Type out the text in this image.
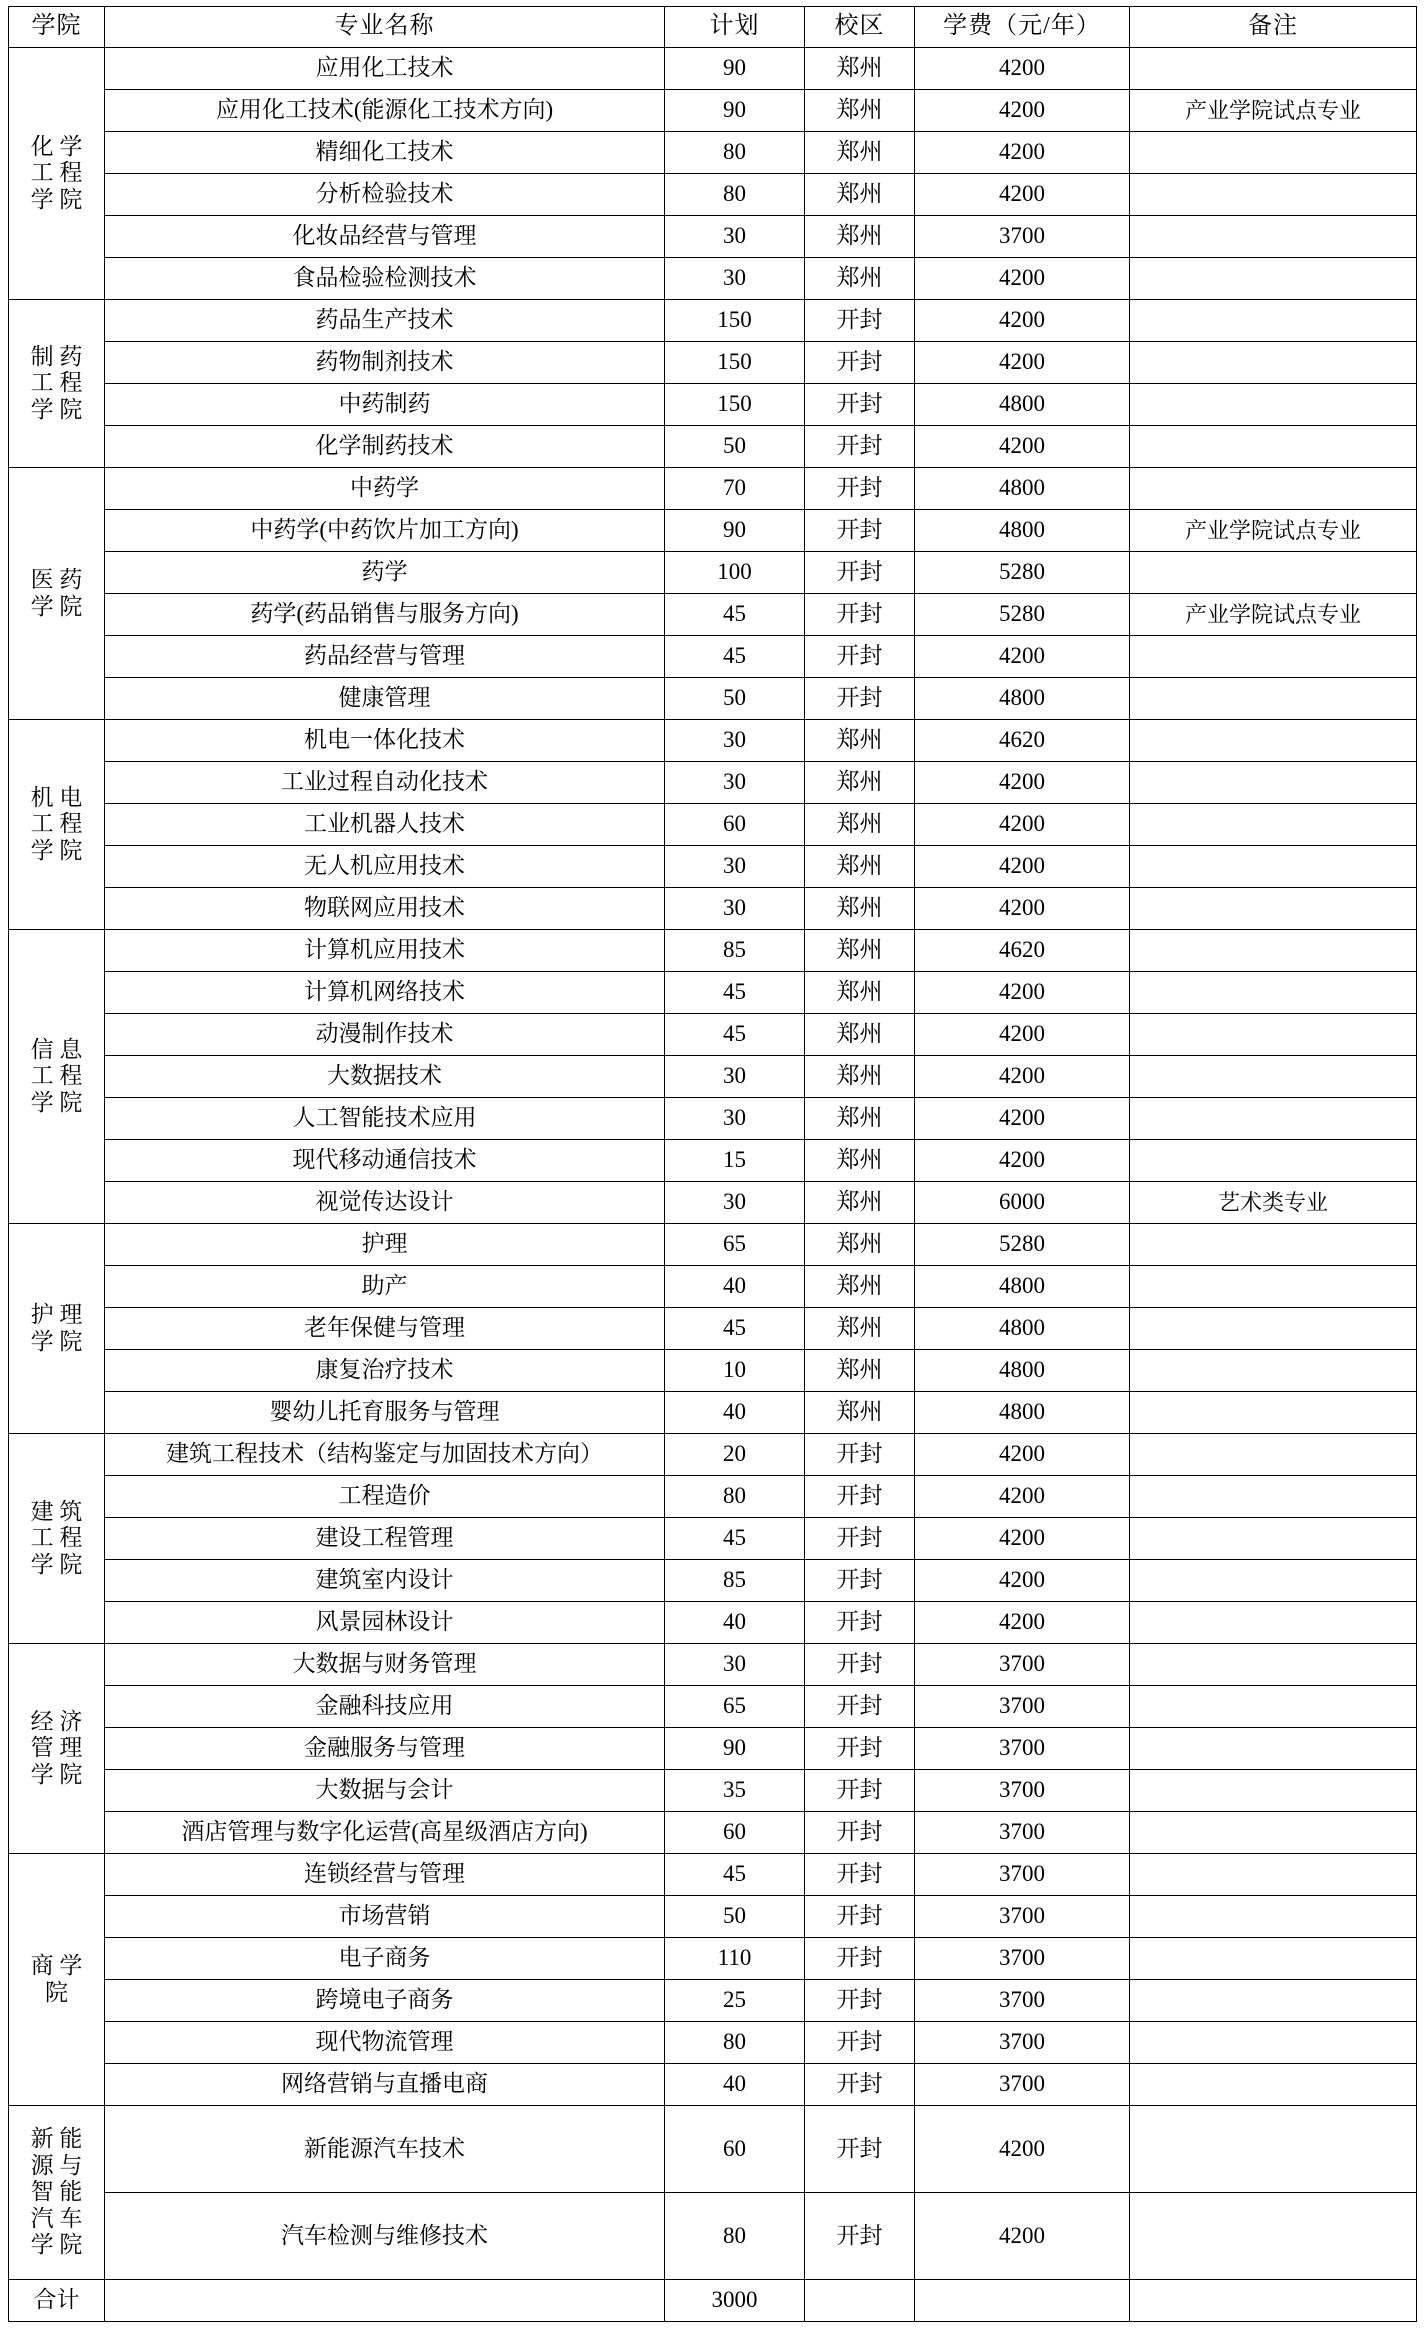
学院	专业名称	计划	校区	学费（元/年）	备注

化 学
工 程
学 院	应用化工技术	90	郑州	4200	
	应用化工技术(能源化工技术方向)	90	郑州	4200	产业学院试点专业
	精细化工技术	80	郑州	4200	
	分析检验技术	80	郑州	4200	
	化妆品经营与管理	30	郑州	3700	
	食品检验检测技术	30	郑州	4200	

制 药
工 程
学 院	药品生产技术	150	开封	4200	
	药物制剂技术	150	开封	4200	
	中药制药	150	开封	4800	
	化学制药技术	50	开封	4200	

医 药
学 院	中药学	70	开封	4800	
	中药学(中药饮片加工方向)	90	开封	4800	产业学院试点专业
	药学	100	开封	5280	
	药学(药品销售与服务方向)	45	开封	5280	产业学院试点专业
	药品经营与管理	45	开封	4200	
	健康管理	50	开封	4800	

机 电
工 程
学 院	机电一体化技术	30	郑州	4620	
	工业过程自动化技术	30	郑州	4200	
	工业机器人技术	60	郑州	4200	
	无人机应用技术	30	郑州	4200	
	物联网应用技术	30	郑州	4200	

信 息
工 程
学 院	计算机应用技术	85	郑州	4620	
	计算机网络技术	45	郑州	4200	
	动漫制作技术	45	郑州	4200	
	大数据技术	30	郑州	4200	
	人工智能技术应用	30	郑州	4200	
	现代移动通信技术	15	郑州	4200	
	视觉传达设计	30	郑州	6000	艺术类专业

护 理
学 院	护理	65	郑州	5280	
	助产	40	郑州	4800	
	老年保健与管理	45	郑州	4800	
	康复治疗技术	10	郑州	4800	
	婴幼儿托育服务与管理	40	郑州	4800	

建 筑
工 程
学 院	建筑工程技术（结构鉴定与加固技术方向）	20	开封	4200	
	工程造价	80	开封	4200	
	建设工程管理	45	开封	4200	
	建筑室内设计	85	开封	4200	
	风景园林设计	40	开封	4200	

经 济
管 理
学 院	大数据与财务管理	30	开封	3700	
	金融科技应用	65	开封	3700	
	金融服务与管理	90	开封	3700	
	大数据与会计	35	开封	3700	
	酒店管理与数字化运营(高星级酒店方向)	60	开封	3700	

商 学
院	连锁经营与管理	45	开封	3700	
	市场营销	50	开封	3700	
	电子商务	110	开封	3700	
	跨境电子商务	25	开封	3700	
	现代物流管理	80	开封	3700	
	网络营销与直播电商	40	开封	3700	

新 能
源 与
智 能
汽 车
学 院	新能源汽车技术	60	开封	4200	
	汽车检测与维修技术	80	开封	4200	
合计		3000			
